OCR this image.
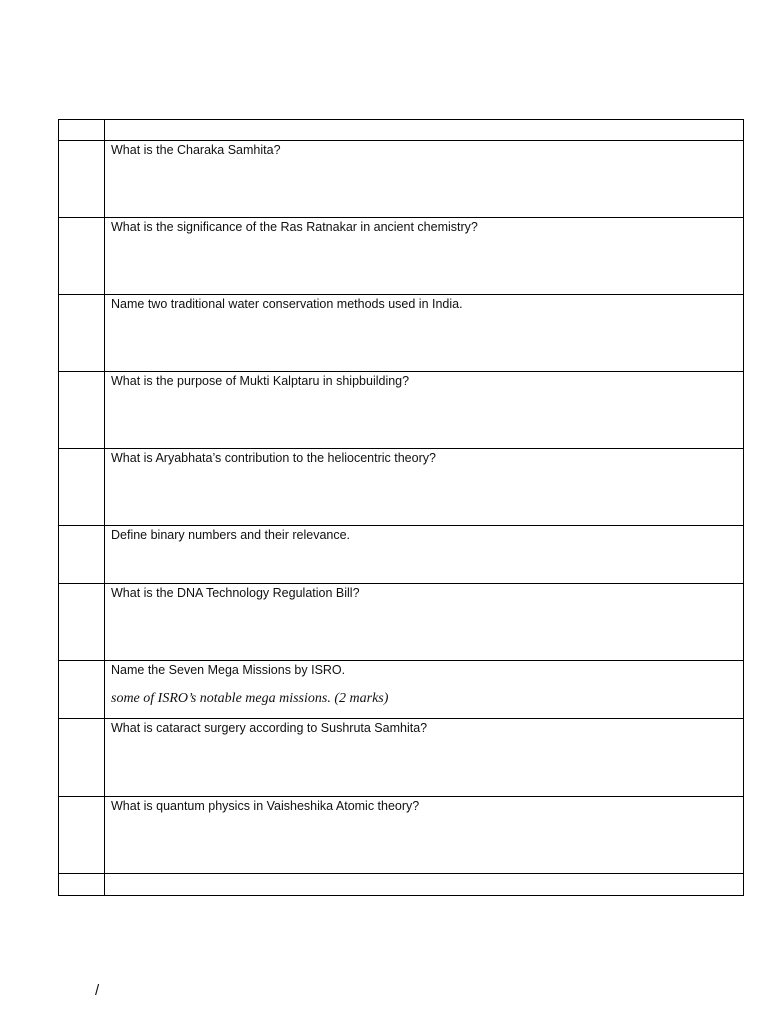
	What is the Charaka Samhita?

	What is the significance of the Ras Ratnakar in ancient chemistry?

	Name two traditional water conservation methods used in India.

	What is the purpose of Mukti Kalptaru in shipbuilding?

	What is Aryabhata’s contribution to the heliocentric theory?

	Define binary numbers and their relevance.

	What is the DNA Technology Regulation Bill?

	Name the Seven Mega Missions by ISRO.
some of ISRO’s notable mega missions. (2 marks)

	What is cataract surgery according to Sushruta Samhita?

	What is quantum physics in Vaisheshika Atomic theory?

/
